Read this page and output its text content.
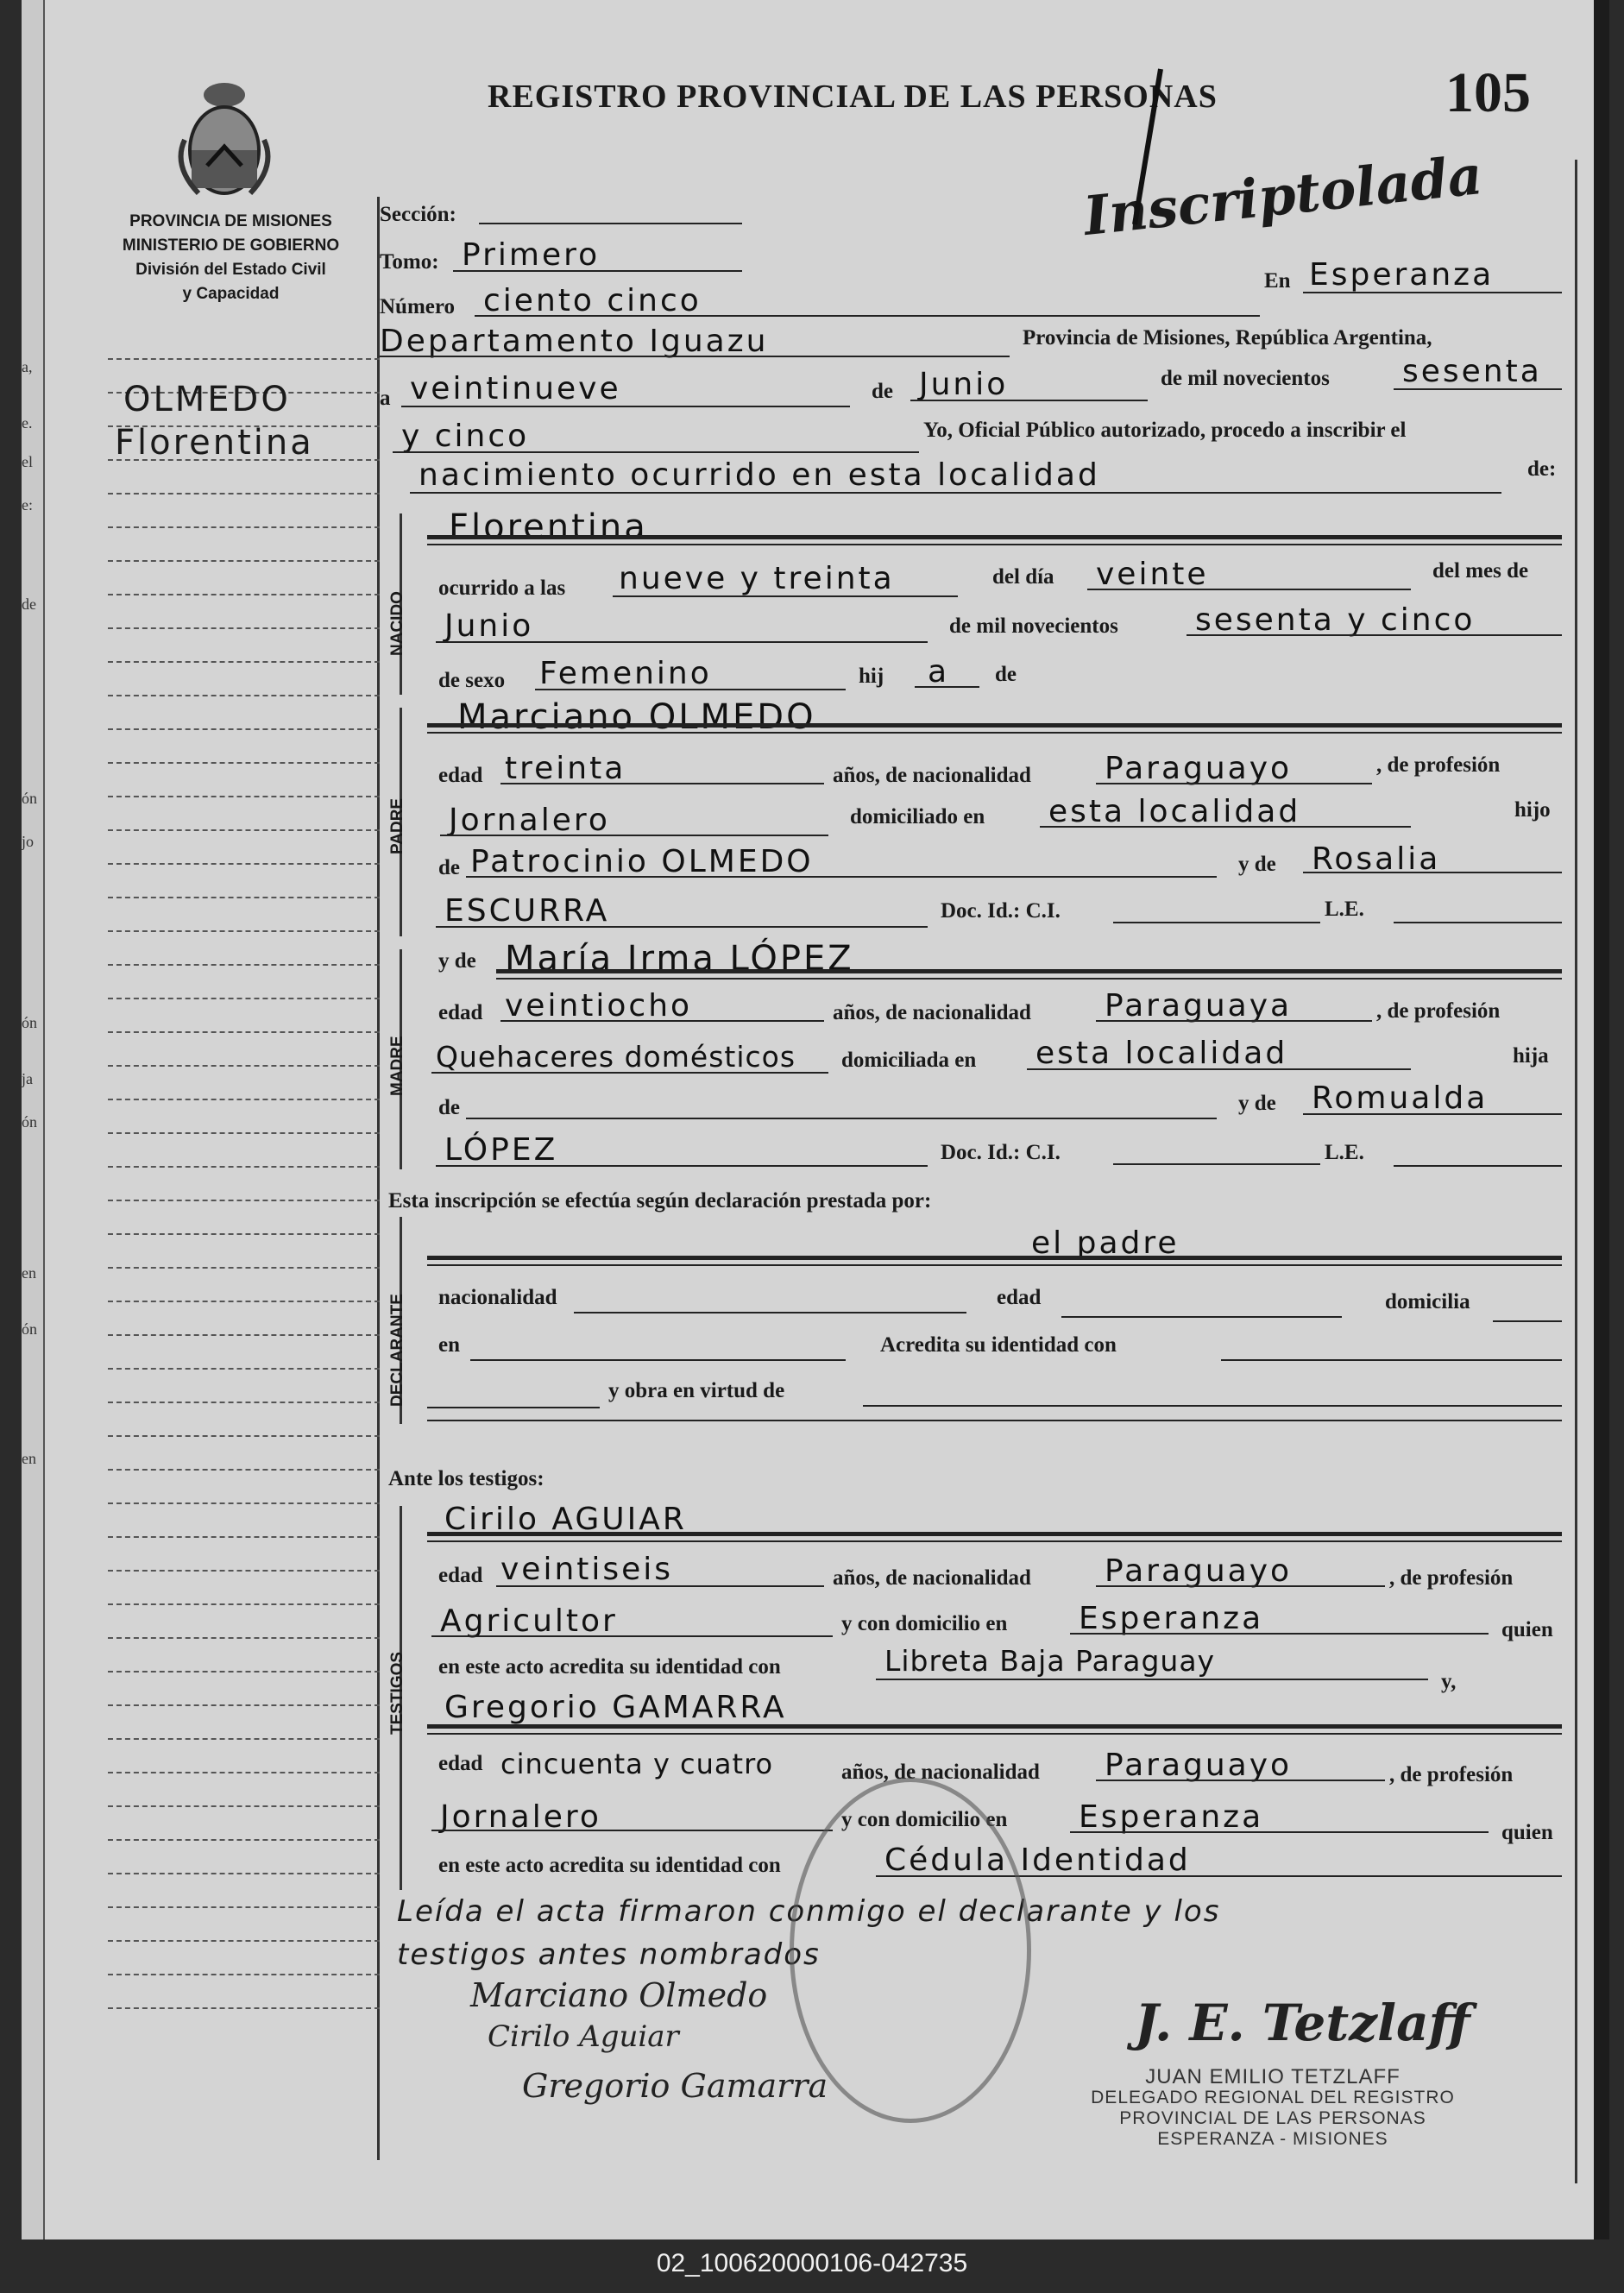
a,
e.
el
e:
de
ón
jo
ón
ja
ón
en
ón
en
PROVINCIA DE MISIONES
MINISTERIO DE GOBIERNO
División del Estado Civil
y Capacidad
REGISTRO PROVINCIAL DE LAS PERSONAS	105
Inscriptolada
OLMEDO
Florentina
Sección:
Tomo: Primero
Número ciento cinco
En Esperanza
Departamento Iguazu	Provincia de Misiones, República Argentina,
a veintinueve	de Junio	de mil novecientos sesenta
y cinco	Yo, Oficial Público autorizado, procedo a inscribir el
nacimiento ocurrido en esta localidad	de:
NACIDO
Florentina
ocurrido a las nueve y treinta	del día veinte	del mes de
Junio	de mil novecientos sesenta y cinco
de sexo Femenino	hij a de
PADRE
Marciano OLMEDO
edad treinta	años, de nacionalidad Paraguayo	, de profesión
Jornalero	domiciliado en esta localidad	hijo
de Patrocinio OLMEDO	y de Rosalia
ESCURRA	Doc. Id.: C.I.	L.E.
MADRE
y de María Irma LÓPEZ
edad veintiocho	años, de nacionalidad Paraguaya	, de profesión
Quehaceres domésticos domiciliada en esta localidad	hija
de	y de Romualda
LÓPEZ	Doc. Id.: C.I.	L.E.
Esta inscripción se efectúa según declaración prestada por:
DECLARANTE
el padre
nacionalidad	edad	domicilia
en	Acredita su identidad con
y obra en virtud de
Ante los testigos:
TESTIGOS
Cirilo AGUIAR
edad veintiseis	años, de nacionalidad Paraguayo	, de profesión
Agricultor	y con domicilio en Esperanza	quien
en este acto acredita su identidad con	Libreta Baja Paraguay
y,
Gregorio GAMARRA
edad cincuenta y cuatro	años, de nacionalidad Paraguayo	, de profesión
Jornalero	y con domicilio en Esperanza	quien
en este acto acredita su identidad con	Cédula Identidad
Leída el acta firmaron conmigo el declarante y los
testigos antes nombrados
Marciano Olmedo
Cirilo Aguiar
Gregorio Gamarra
J. E. Tetzlaff
JUAN EMILIO TETZLAFF
DELEGADO REGIONAL DEL REGISTRO
PROVINCIAL DE LAS PERSONAS
ESPERANZA - MISIONES
02_100620000106-042735
